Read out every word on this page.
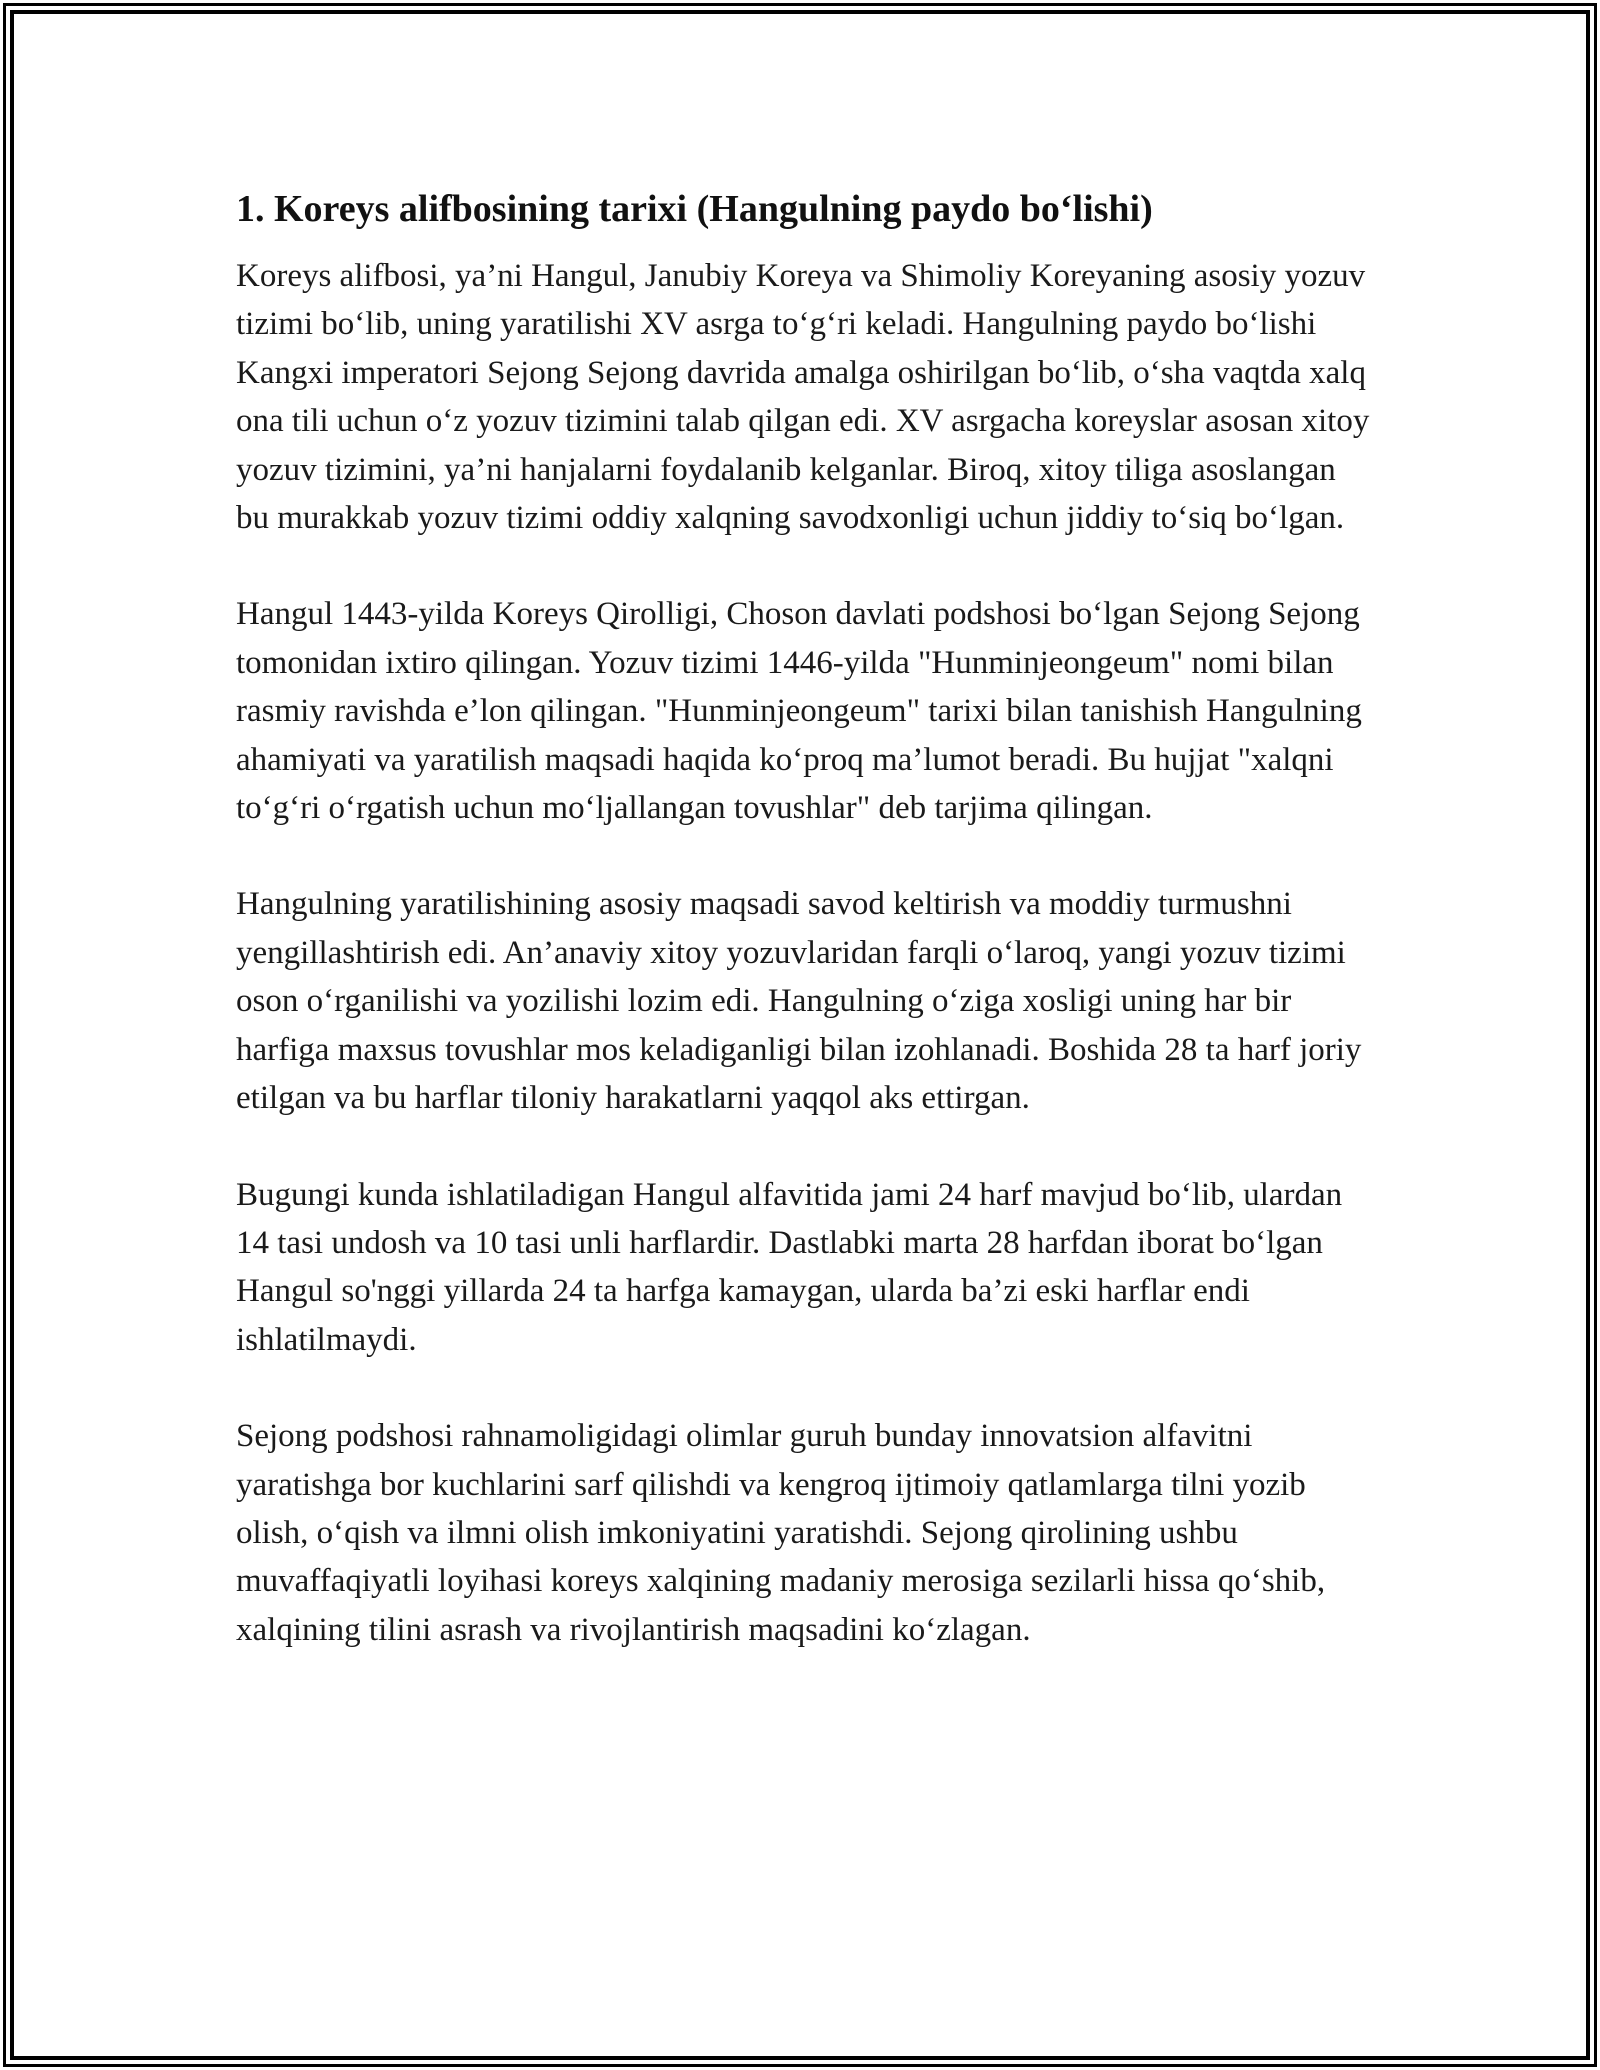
1. Koreys alifbosining tarixi (Hangulning paydo bo‘lishi)

Koreys alifbosi, ya’ni Hangul, Janubiy Koreya va Shimoliy Koreyaning asosiy yozuv tizimi bo‘lib, uning yaratilishi XV asrga to‘g‘ri keladi. Hangulning paydo bo‘lishi Kangxi imperatori Sejong Sejong davrida amalga oshirilgan bo‘lib, o‘sha vaqtda xalq ona tili uchun o‘z yozuv tizimini talab qilgan edi. XV asrgacha koreyslar asosan xitoy yozuv tizimini, ya’ni hanjalarni foydalanib kelganlar. Biroq, xitoy tiliga asoslangan bu murakkab yozuv tizimi oddiy xalqning savodxonligi uchun jiddiy to‘siq bo‘lgan.

Hangul 1443-yilda Koreys Qirolligi, Choson davlati podshosi bo‘lgan Sejong Sejong tomonidan ixtiro qilingan. Yozuv tizimi 1446-yilda "Hunminjeongeum" nomi bilan rasmiy ravishda e’lon qilingan. "Hunminjeongeum" tarixi bilan tanishish Hangulning ahamiyati va yaratilish maqsadi haqida ko‘proq ma’lumot beradi. Bu hujjat "xalqni to‘g‘ri o‘rgatish uchun mo‘ljallangan tovushlar" deb tarjima qilingan.

Hangulning yaratilishining asosiy maqsadi savod keltirish va moddiy turmushni yengillashtirish edi. An’anaviy xitoy yozuvlaridan farqli o‘laroq, yangi yozuv tizimi oson o‘rganilishi va yozilishi lozim edi. Hangulning o‘ziga xosligi uning har bir harfiga maxsus tovushlar mos keladiganligi bilan izohlanadi. Boshida 28 ta harf joriy etilgan va bu harflar tiloniy harakatlarni yaqqol aks ettirgan.

Bugungi kunda ishlatiladigan Hangul alfavitida jami 24 harf mavjud bo‘lib, ulardan 14 tasi undosh va 10 tasi unli harflardir. Dastlabki marta 28 harfdan iborat bo‘lgan Hangul so'nggi yillarda 24 ta harfga kamaygan, ularda ba’zi eski harflar endi ishlatilmaydi.

Sejong podshosi rahnamoligidagi olimlar guruh bunday innovatsion alfavitni yaratishga bor kuchlarini sarf qilishdi va kengroq ijtimoiy qatlamlarga tilni yozib olish, o‘qish va ilmni olish imkoniyatini yaratishdi. Sejong qirolining ushbu muvaffaqiyatli loyihasi koreys xalqining madaniy merosiga sezilarli hissa qo‘shib, xalqining tilini asrash va rivojlantirish maqsadini ko‘zlagan.
